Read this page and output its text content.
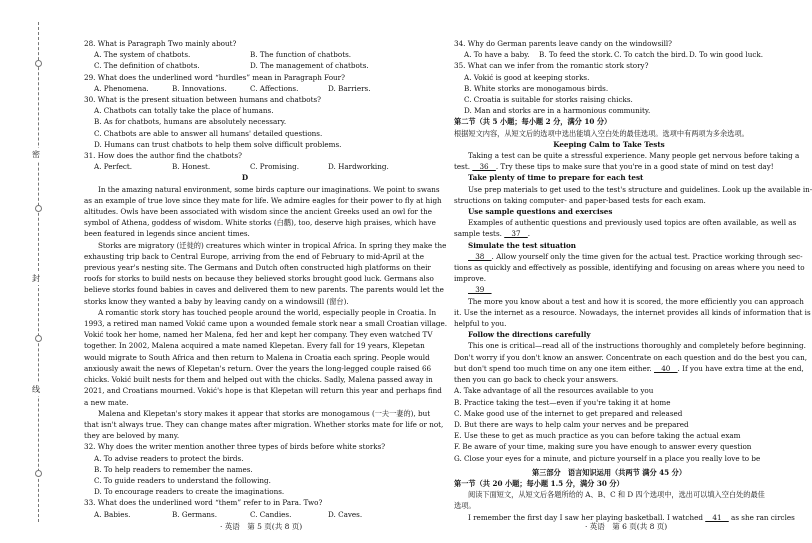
密
封
线
28. What is Paragraph Two mainly about?
A. The system of chatbots.	B. The function of chatbots.
C. The definition of chatbots.	D. The management of chatbots.
29. What does the underlined word “hurdles” mean in Paragraph Four?
A. Phenomena.	B. Innovations.	C. Affections.	D. Barriers.
30. What is the present situation between humans and chatbots?
A. Chatbots can totally take the place of humans.
B. As for chatbots, humans are absolutely necessary.
C. Chatbots are able to answer all humans' detailed questions.
D. Humans can trust chatbots to help them solve difficult problems.
31. How does the author find the chatbots?
A. Perfect.	B. Honest.	C. Promising.	D. Hardworking.
D
In the amazing natural environment, some birds capture our imaginations. We point to swans
as an example of true love since they mate for life. We admire eagles for their power to fly at high
altitudes. Owls have been associated with wisdom since the ancient Greeks used an owl for the
symbol of Athena, goddess of wisdom. White storks (白鹳), too, deserve high praises, which have
been featured in legends since ancient times.
Storks are migratory (迁徙的) creatures which winter in tropical Africa. In spring they make the
exhausting trip back to Central Europe, arriving from the end of February to mid-April at the
previous year's nesting site. The Germans and Dutch often constructed high platforms on their
roofs for storks to build nests on because they believed storks brought good luck. Germans also
believe storks found babies in caves and delivered them to new parents. The parents would let the
storks know they wanted a baby by leaving candy on a windowsill (窗台).
A romantic stork story has touched people around the world, especially people in Croatia. In
1993, a retired man named Vokić came upon a wounded female stork near a small Croatian village.
Vokić took her home, named her Malena, fed her and kept her company. They even watched TV
together. In 2002, Malena acquired a mate named Klepetan. Every fall for 19 years, Klepetan
would migrate to South Africa and then return to Malena in Croatia each spring. People would
anxiously await the news of Klepetan's return. Over the years the long-legged couple raised 66
chicks. Vokić built nests for them and helped out with the chicks. Sadly, Malena passed away in
2021, and Croatians mourned. Vokić's hope is that Klepetan will return this year and perhaps find
a new mate.
Malena and Klepetan's story makes it appear that storks are monogamous (一夫一妻的), but
that isn't always true. They can change mates after migration. Whether storks mate for life or not,
they are beloved by many.
32. Why does the writer mention another three types of birds before white storks?
A. To advise readers to protect the birds.
B. To help readers to remember the names.
C. To guide readers to understand the following.
D. To encourage readers to create the imaginations.
33. What does the underlined word “them” refer to in Para. Two?
A. Babies.	B. Germans.	C. Candies.	D. Caves.
34. Why do German parents leave candy on the windowsill?
A. To have a baby.	B. To feed the stork. C. To catch the bird. D. To win good luck.
35. What can we infer from the romantic stork story?
A. Vokić is good at keeping storks.
B. White storks are monogamous birds.
C. Croatia is suitable for storks raising chicks.
D. Man and storks are in a harmonious community.
第二节（共 5 小题；每小题 2 分，满分 10 分）
根据短文内容，从短文后的选项中选出能填入空白处的最佳选项。选项中有两项为多余选项。
Keeping Calm to Take Tests
Taking a test can be quite a stressful experience. Many people get nervous before taking a
test.   36  . Try these tips to make sure that you're in a good state of mind on test day!
Take plenty of time to prepare for each test
Use prep materials to get used to the test's structure and guidelines. Look up the available in-
structions on taking computer- and paper-based tests for each exam.
Use sample questions and exercises
Examples of authentic questions and previously used topics are often available, as well as
sample tests.   37  .
Simulate the test situation
  38  . Allow yourself only the time given for the actual test. Practice working through sec-
tions as quickly and effectively as possible, identifying and focusing on areas where you need to
improve.
  39  
The more you know about a test and how it is scored, the more efficiently you can approach
it. Use the internet as a resource. Nowadays, the internet provides all kinds of information that is
helpful to you.
Follow the directions carefully
This one is critical—read all of the instructions thoroughly and completely before beginning.
Don't worry if you don't know an answer. Concentrate on each question and do the best you can,
but don't spend too much time on any one item either.   40  . If you have extra time at the end,
then you can go back to check your answers.
A. Take advantage of all the resources available to you
B. Practice taking the test—even if you're taking it at home
C. Make good use of the internet to get prepared and released
D. But there are ways to help calm your nerves and be prepared
E. Use these to get as much practice as you can before taking the actual exam
F. Be aware of your time, making sure you have enough to answer every question
G. Close your eyes for a minute, and picture yourself in a place you really love to be
第三部分　语言知识运用（共两节 满分 45 分）
第一节（共 20 小题；每小题 1.5 分，满分 30 分）
阅读下面短文，从短文后各题所给的 A、B、C 和 D 四个选项中，选出可以填入空白处的最佳
选项。
I remember the first day I saw her playing basketball. I watched   41   as she ran circles
· 英语　第 5 页(共 8 页)	· 英语　第 6 页(共 8 页)
